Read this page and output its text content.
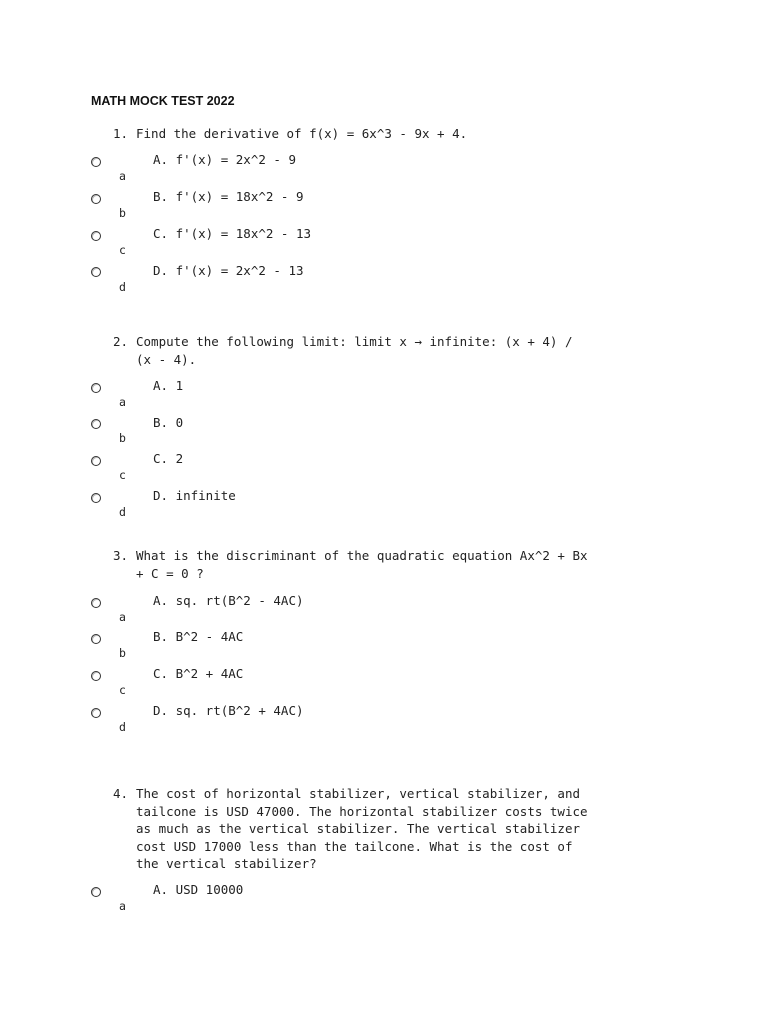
MATH MOCK TEST 2022

1.

Find the derivative of f(x) = 6x^3 - 9x + 4.

A. f'(x) = 2x^2 - 9
a
B. f'(x) = 18x^2 - 9
b
C. f'(x) = 18x^2 - 13
c
D. f'(x) = 2x^2 - 13
d

2.

Compute the following limit: limit x → infinite: (x + 4) /
(x - 4).

A. 1
a
B. 0
b
C. 2
c
D. infinite
d

3.

What is the discriminant of the quadratic equation Ax^2 + Bx
+ C = 0 ?

A. sq. rt(B^2 - 4AC)
a
B. B^2 - 4AC
b
C. B^2 + 4AC
c
D. sq. rt(B^2 + 4AC)
d

4.

The cost of horizontal stabilizer, vertical stabilizer, and
tailcone is USD 47000. The horizontal stabilizer costs twice
as much as the vertical stabilizer. The vertical stabilizer
cost USD 17000 less than the tailcone. What is the cost of
the vertical stabilizer?

A. USD 10000
a
